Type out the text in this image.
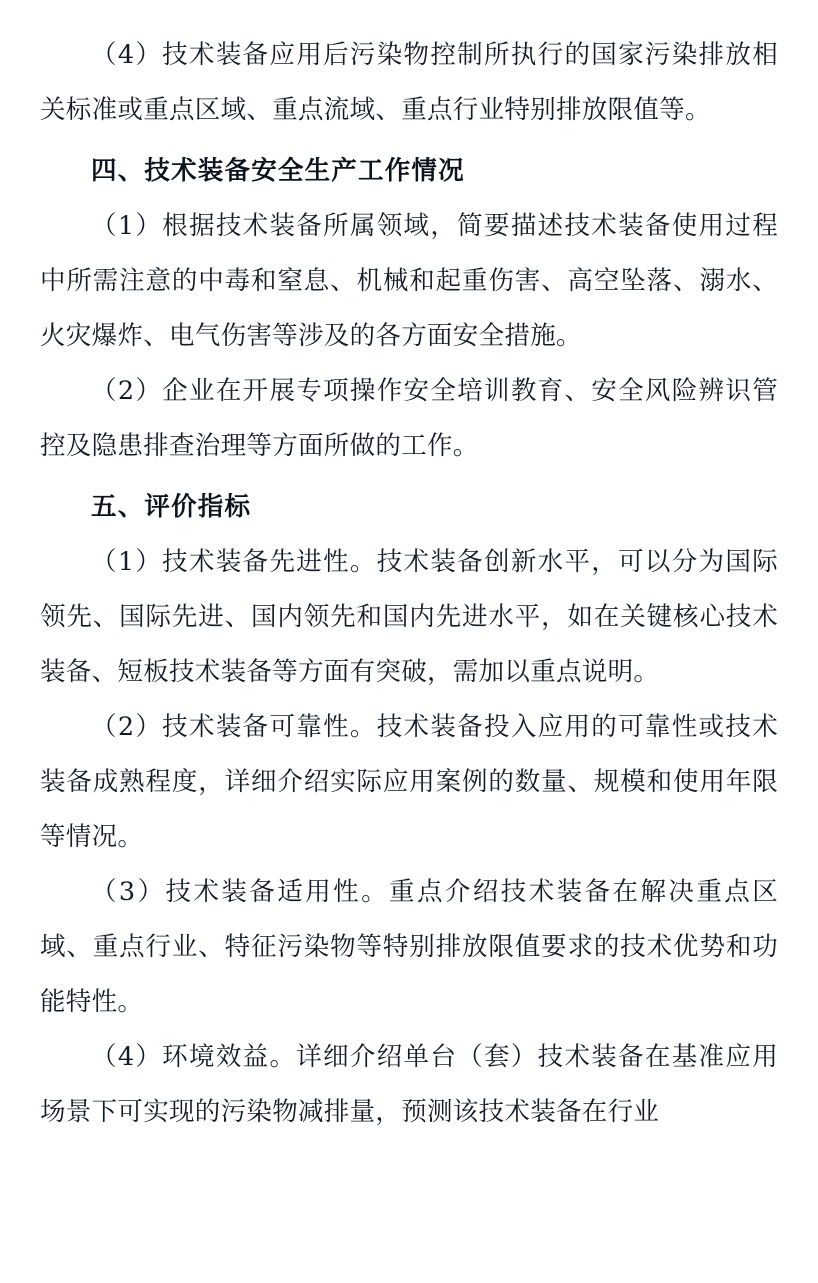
（4）技术装备应用后污染物控制所执行的国家污染排放相关标准或重点区域、重点流域、重点行业特别排放限值等。

四、技术装备安全生产工作情况

（1）根据技术装备所属领域，简要描述技术装备使用过程中所需注意的中毒和窒息、机械和起重伤害、高空坠落、溺水、火灾爆炸、电气伤害等涉及的各方面安全措施。

（2）企业在开展专项操作安全培训教育、安全风险辨识管控及隐患排查治理等方面所做的工作。

五、评价指标

（1）技术装备先进性。技术装备创新水平，可以分为国际领先、国际先进、国内领先和国内先进水平，如在关键核心技术装备、短板技术装备等方面有突破，需加以重点说明。

（2）技术装备可靠性。技术装备投入应用的可靠性或技术装备成熟程度，详细介绍实际应用案例的数量、规模和使用年限等情况。

（3）技术装备适用性。重点介绍技术装备在解决重点区域、重点行业、特征污染物等特别排放限值要求的技术优势和功能特性。

（4）环境效益。详细介绍单台（套）技术装备在基准应用场景下可实现的污染物减排量，预测该技术装备在行业
